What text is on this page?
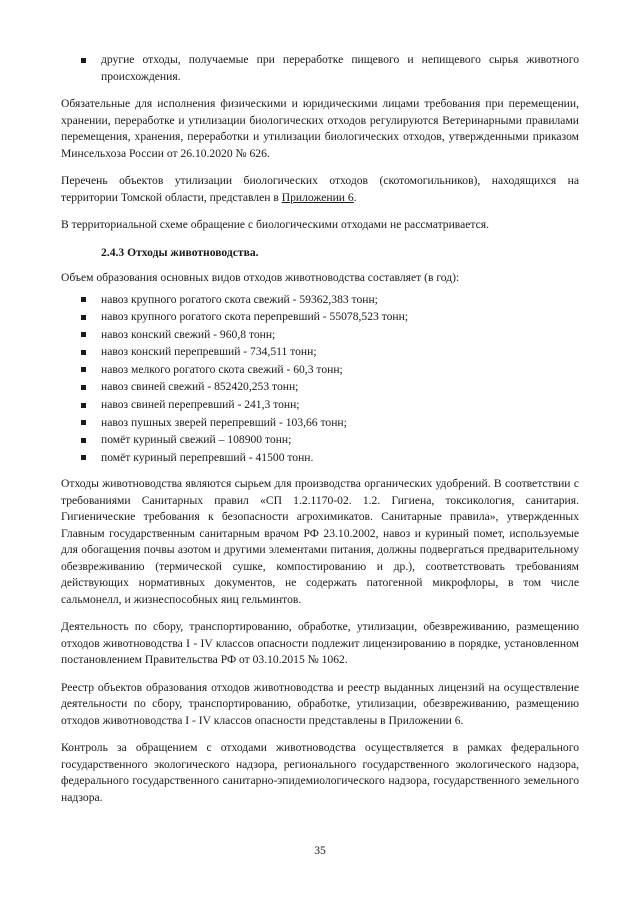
другие отходы, получаемые при переработке пищевого и непищевого сырья животного происхождения.

Обязательные для исполнения физическими и юридическими лицами требования при перемещении, хранении, переработке и утилизации биологических отходов регулируются Ветеринарными правилами перемещения, хранения, переработки и утилизации биологических отходов, утвержденными приказом Минсельхоза России от 26.10.2020 № 626.

Перечень объектов утилизации биологических отходов (скотомогильников), находящихся на территории Томской области, представлен в Приложении 6.

В территориальной схеме обращение с биологическими отходами не рассматривается.

2.4.3 Отходы животноводства.

Объем образования основных видов отходов животноводства составляет (в год):

навоз крупного рогатого скота свежий - 59362,383 тонн;
навоз крупного рогатого скота перепревший - 55078,523 тонн;
навоз конский свежий - 960,8 тонн;
навоз конский перепревший - 734,511 тонн;
навоз мелкого рогатого скота свежий - 60,3 тонн;
навоз свиней свежий - 852420,253 тонн;
навоз свиней перепревший - 241,3 тонн;
навоз пушных зверей перепревший - 103,66 тонн;
помёт куриный свежий – 108900 тонн;
помёт куриный перепревший - 41500 тонн.

Отходы животноводства являются сырьем для производства органических удобрений. В соответствии с требованиями Санитарных правил «СП 1.2.1170-02. 1.2. Гигиена, токсикология, санитария. Гигиенические требования к безопасности агрохимикатов. Санитарные правила», утвержденных Главным государственным санитарным врачом РФ 23.10.2002, навоз и куриный помет, используемые для обогащения почвы азотом и другими элементами питания, должны подвергаться предварительному обезвреживанию (термической сушке, компостированию и др.), соответствовать требованиям действующих нормативных документов, не содержать патогенной микрофлоры, в том числе сальмонелл, и жизнеспособных яиц гельминтов.

Деятельность по сбору, транспортированию, обработке, утилизации, обезвреживанию, размещению отходов животноводства I - IV классов опасности подлежит лицензированию в порядке, установленном постановлением Правительства РФ от 03.10.2015 № 1062.

Реестр объектов образования отходов животноводства и реестр выданных лицензий на осуществление деятельности по сбору, транспортированию, обработке, утилизации, обезвреживанию, размещению отходов животноводства I - IV классов опасности представлены в Приложении 6.

Контроль за обращением с отходами животноводства осуществляется в рамках федерального государственного экологического надзора, регионального государственного экологического надзора, федерального государственного санитарно-эпидемиологического надзора, государственного земельного надзора.

35
